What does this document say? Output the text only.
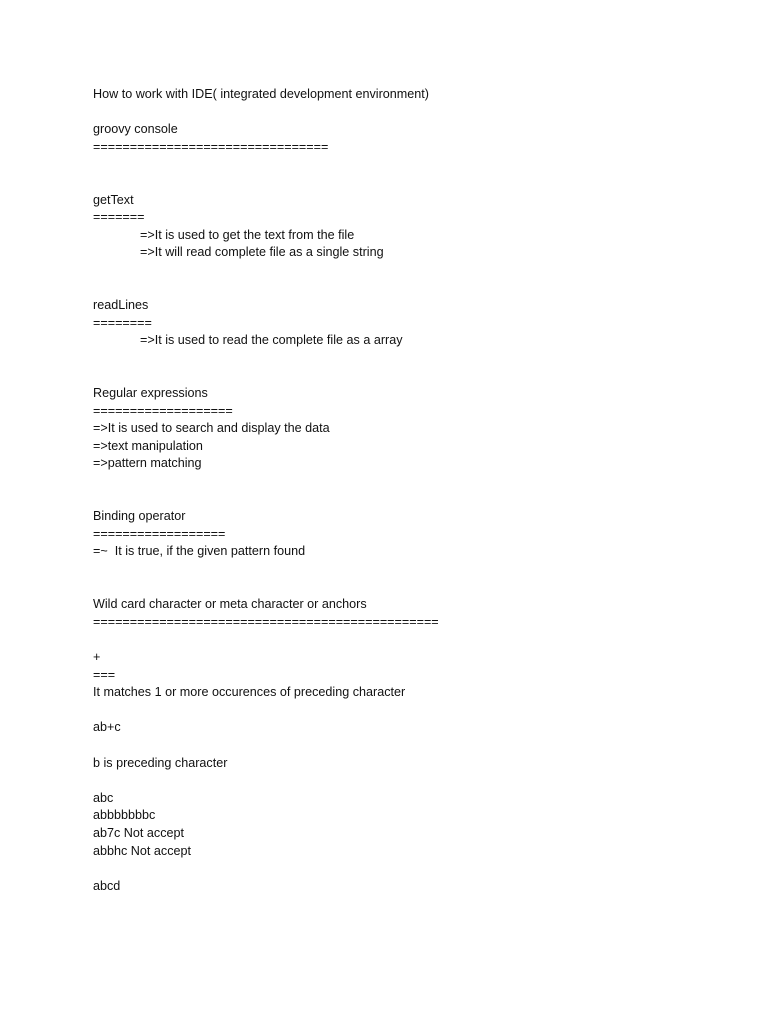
How to work with IDE( integrated development environment)
groovy console
================================
getText
=======
=>It is used to get the text from the file
=>It will read complete file as a single string
readLines
========
=>It is used to read the complete file as a array
Regular expressions
===================
=>It is used to search and display the data
=>text manipulation
=>pattern matching
Binding operator
==================
=~  It is true, if the given pattern found
Wild card character or meta character or anchors
===============================================
+
===
It matches 1 or more occurences of preceding character
ab+c
b is preceding character
abc
abbbbbbbc
ab7c Not accept
abbhc Not accept
abcd
